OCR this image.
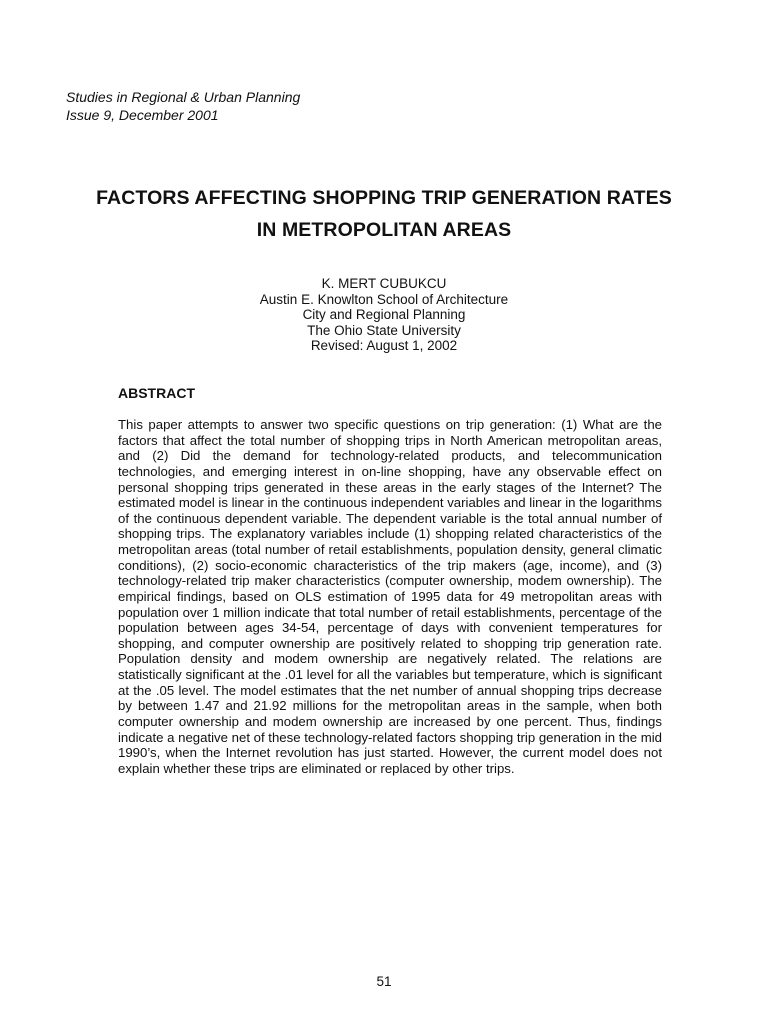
Studies in Regional & Urban Planning
Issue 9, December 2001
FACTORS AFFECTING SHOPPING TRIP GENERATION RATES
IN METROPOLITAN AREAS
K. MERT CUBUKCU
Austin E. Knowlton School of Architecture
City and Regional Planning
The Ohio State University
Revised: August 1, 2002
ABSTRACT
This paper attempts to answer two specific questions on trip generation: (1) What are the factors that affect the total number of shopping trips in North American metropolitan areas, and (2) Did the demand for technology-related products, and telecommunication technologies, and emerging interest in on-line shopping, have any observable effect on personal shopping trips generated in these areas in the early stages of the Internet? The estimated model is linear in the continuous independent variables and linear in the logarithms of the continuous dependent variable. The dependent variable is the total annual number of shopping trips. The explanatory variables include (1) shopping related characteristics of the metropolitan areas (total number of retail establishments, population density, general climatic conditions), (2) socio-economic characteristics of the trip makers (age, income), and (3) technology-related trip maker characteristics (computer ownership, modem ownership). The empirical findings, based on OLS estimation of 1995 data for 49 metropolitan areas with population over 1 million indicate that total number of retail establishments, percentage of the population between ages 34-54, percentage of days with convenient temperatures for shopping, and computer ownership are positively related to shopping trip generation rate. Population density and modem ownership are negatively related. The relations are statistically significant at the .01 level for all the variables but temperature, which is significant at the .05 level. The model estimates that the net number of annual shopping trips decrease by between 1.47 and 21.92 millions for the metropolitan areas in the sample, when both computer ownership and modem ownership are increased by one percent. Thus, findings indicate a negative net of these technology-related factors shopping trip generation in the mid 1990’s, when the Internet revolution has just started. However, the current model does not explain whether these trips are eliminated or replaced by other trips.
51
